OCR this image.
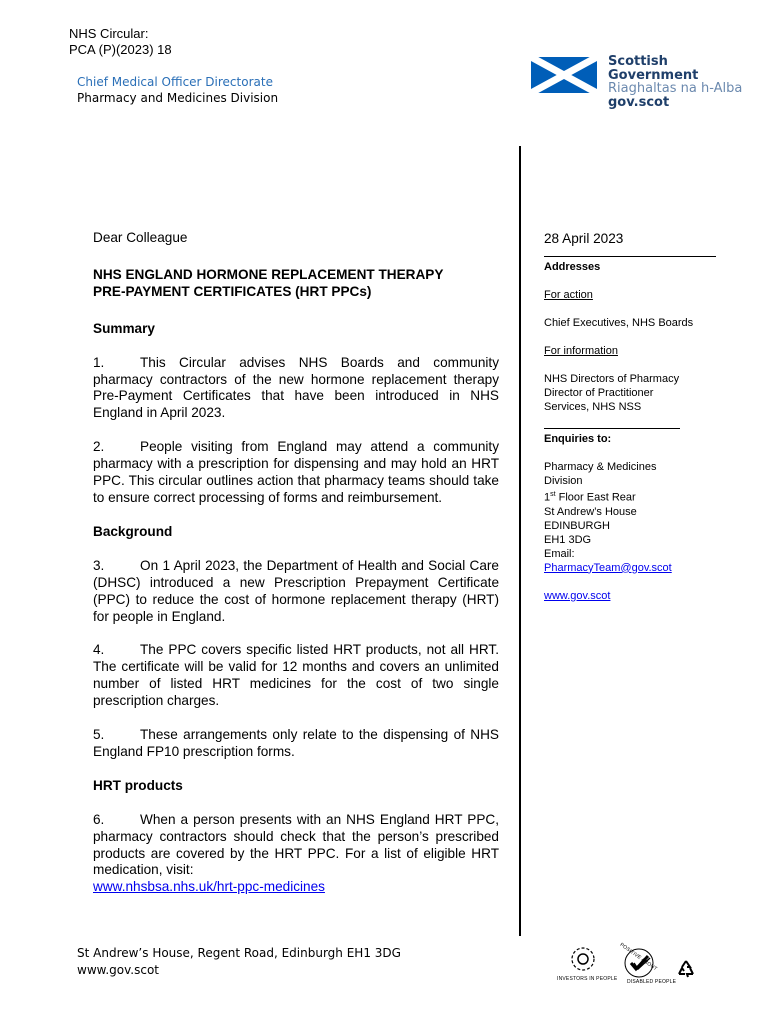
NHS Circular:
PCA (P)(2023) 18
Chief Medical Officer Directorate
Pharmacy and Medicines Division
Scottish Government
Riaghaltas na h-Alba
gov.scot

Dear Colleague

NHS ENGLAND HORMONE REPLACEMENT THERAPY
PRE-PAYMENT CERTIFICATES (HRT PPCs)
Summary

1.	This Circular advises NHS Boards and community pharmacy contractors of the new hormone replacement therapy Pre-Payment Certificates that have been introduced in NHS England in April 2023.

2.	People visiting from England may attend a community pharmacy with a prescription for dispensing and may hold an HRT PPC. This circular outlines action that pharmacy teams should take to ensure correct processing of forms and reimbursement.

Background

3.	On 1 April 2023, the Department of Health and Social Care (DHSC) introduced a new Prescription Prepayment Certificate (PPC) to reduce the cost of hormone replacement therapy (HRT) for people in England.

4.	The PPC covers specific listed HRT products, not all HRT. The certificate will be valid for 12 months and covers an unlimited number of listed HRT medicines for the cost of two single prescription charges.

5.	These arrangements only relate to the dispensing of NHS England FP10 prescription forms.

HRT products

6.	When a person presents with an NHS England HRT PPC, pharmacy contractors should check that the person’s prescribed products are covered by the HRT PPC. For a list of eligible HRT medication, visit:
www.nhsbsa.nhs.uk/hrt-ppc-medicines

28 April 2023

Addresses

For action

Chief Executives, NHS Boards

For information

NHS Directors of Pharmacy

Director of Practitioner

Services, NHS NSS

Enquiries to:

Pharmacy & Medicines

Division

1st Floor East Rear

St Andrew’s House

EDINBURGH

EH1 3DG

Email:

PharmacyTeam@gov.scot

www.gov.scot

St Andrew’s House, Regent Road, Edinburgh EH1 3DG
www.gov.scot
INVESTORS IN PEOPLE
POSITIVE ABOUT
DISABLED PEOPLE
